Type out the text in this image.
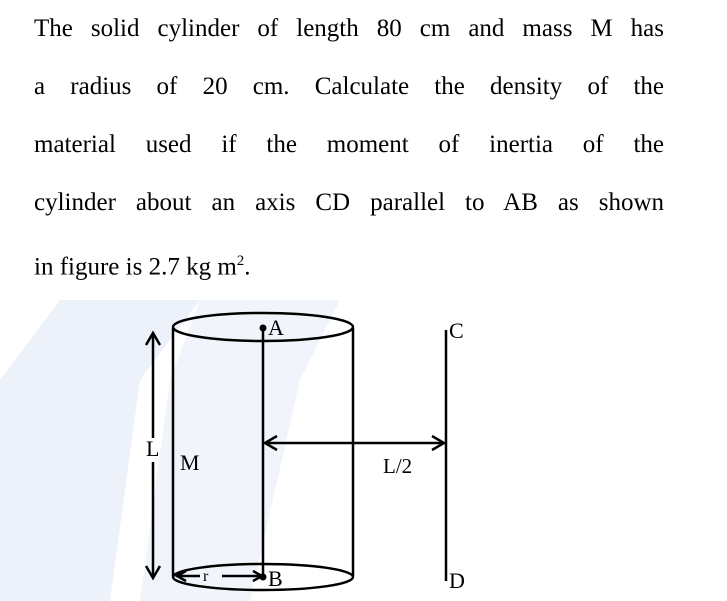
The solid cylinder of length 80 cm and mass M has
a radius of 20 cm. Calculate the density of the
material used if the moment of inertia of the
cylinder about an axis CD parallel to AB as shown
in figure is 2.7 kg $m^2$.
A
B
C
D
L
M	L/2
r
